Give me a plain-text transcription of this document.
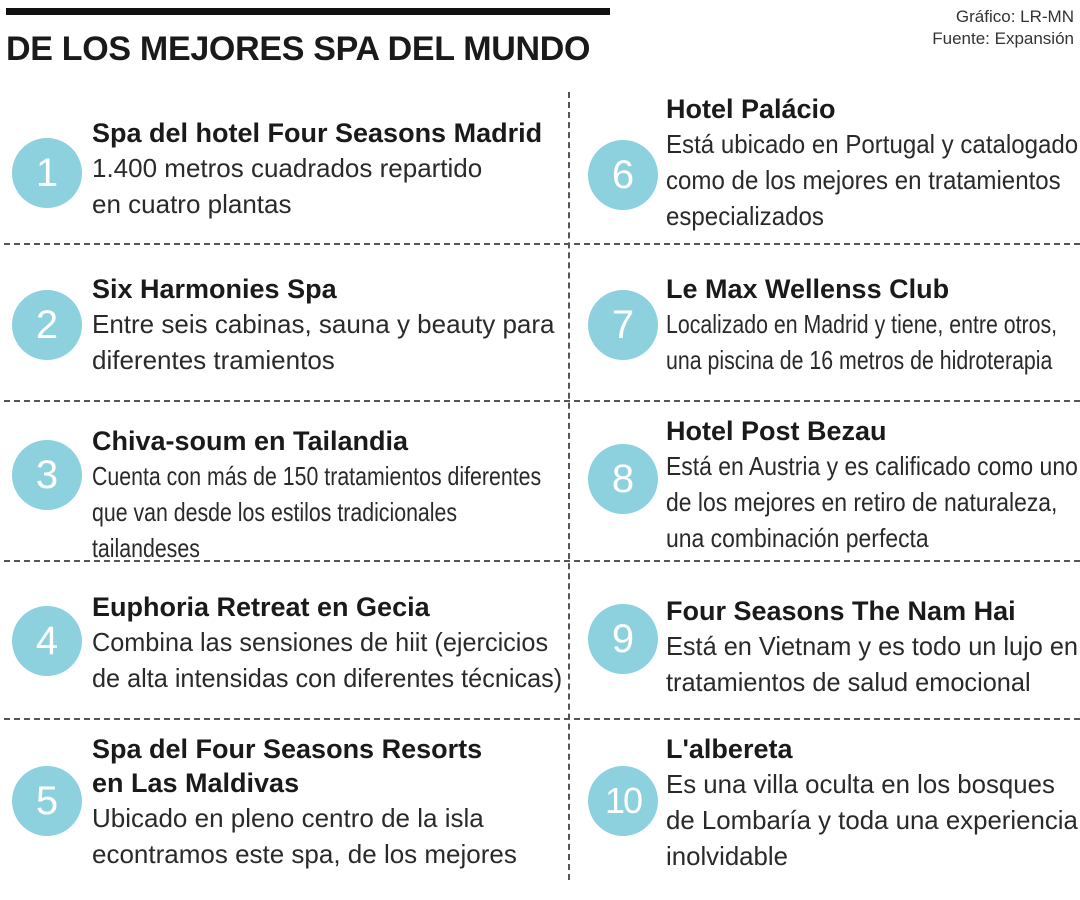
DE LOS MEJORES SPA DEL MUNDO
Gráfico: LR-MN
Fuente: Expansión
1
Spa del hotel Four Seasons Madrid
1.400 metros cuadrados repartido
en cuatro plantas
2
Six Harmonies Spa
Entre seis cabinas, sauna y beauty para
diferentes tramientos
3
Chiva-soum en Tailandia
Cuenta con más de 150 tratamientos diferentes
que van desde los estilos tradicionales tailandeses
4
Euphoria Retreat en Gecia
Combina las sensiones de hiit (ejercicios
de alta intensidas con diferentes técnicas)
5
Spa del Four Seasons Resorts
en Las Maldivas
Ubicado en pleno centro de la isla
econtramos este spa, de los mejores
6
Hotel Palácio
Está ubicado en Portugal y catalogado
como de los mejores en tratamientos
especializados
7
Le Max Wellenss Club
Localizado en Madrid y tiene, entre otros,
una piscina de 16 metros de hidroterapia
8
Hotel Post Bezau
Está en Austria y es calificado como uno
de los mejores en retiro de naturaleza,
una combinación perfecta
9
Four Seasons The Nam Hai
Está en Vietnam y es todo un lujo en
tratamientos de salud emocional
10
L'albereta
Es una villa oculta en los bosques
de Lombaría y toda una experiencia
inolvidable
